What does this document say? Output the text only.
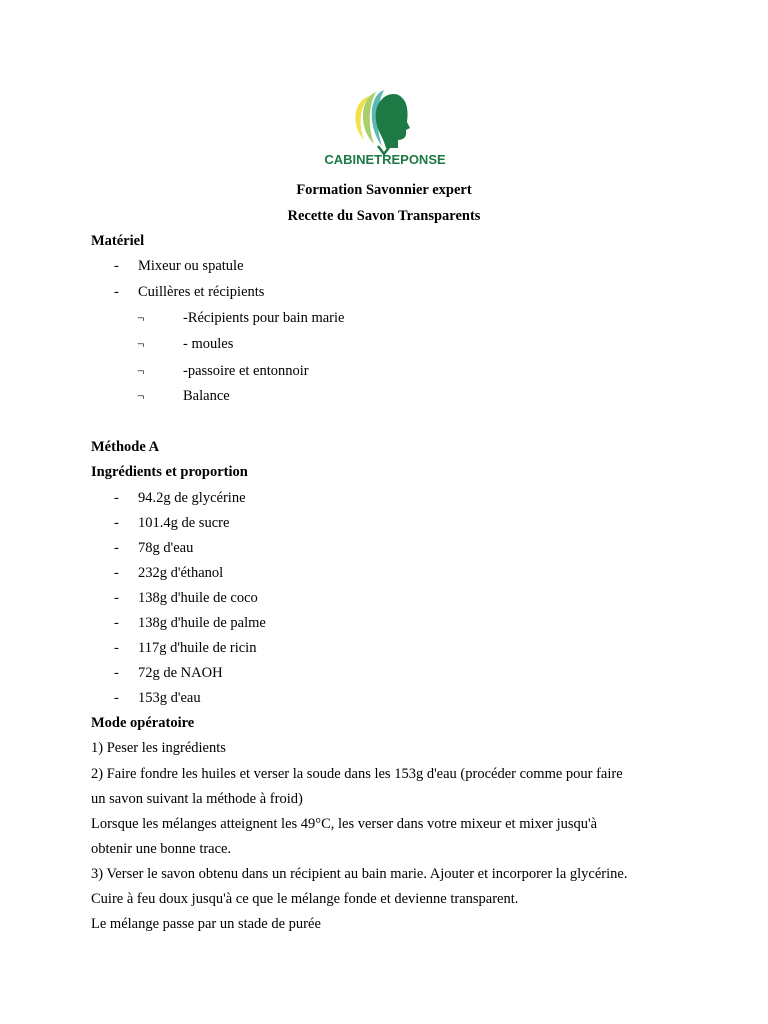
CABINETREPONSE
Formation Savonnier expert
Recette du Savon Transparents
Matériel
- Mixeur ou spatule
- Cuillères et récipients
¬	-Récipients pour bain marie
¬	- moules
¬	-passoire et entonnoir
¬	Balance
Méthode A
Ingrédients et proportion
- 94.2g de glycérine
- 101.4g de sucre
- 78g d'eau
- 232g d'éthanol
- 138g d'huile de coco
- 138g d'huile de palme
- 117g d'huile de ricin
- 72g de NAOH
- 153g d'eau
Mode opératoire
1) Peser les ingrédients
2) Faire fondre les huiles et verser la soude dans les 153g d'eau (procéder comme pour faire
un savon suivant la méthode à froid)
Lorsque les mélanges atteignent les 49°C, les verser dans votre mixeur et mixer jusqu'à
obtenir une bonne trace.
3) Verser le savon obtenu dans un récipient au bain marie. Ajouter et incorporer la glycérine.
Cuire à feu doux jusqu'à ce que le mélange fonde et devienne transparent.
Le mélange passe par un stade de purée
